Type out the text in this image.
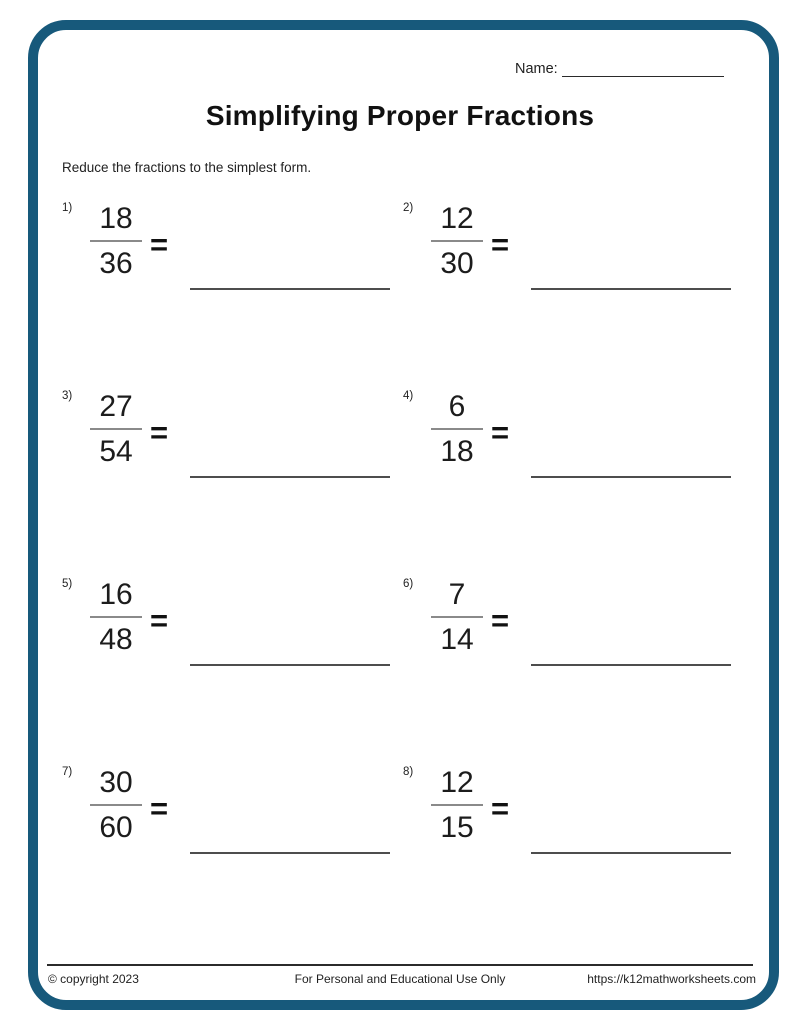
Name:
Simplifying Proper Fractions
Reduce the fractions to the simplest form.
1) 18
36
=
2) 12
30
=
3) 27
54
=
4)	6
18
=
5) 16
48
=
6)	7
14
=
7) 30
60
=
8) 12
15
=
© copyright 2023	For Personal and Educational Use Only	https://k12mathworksheets.com
